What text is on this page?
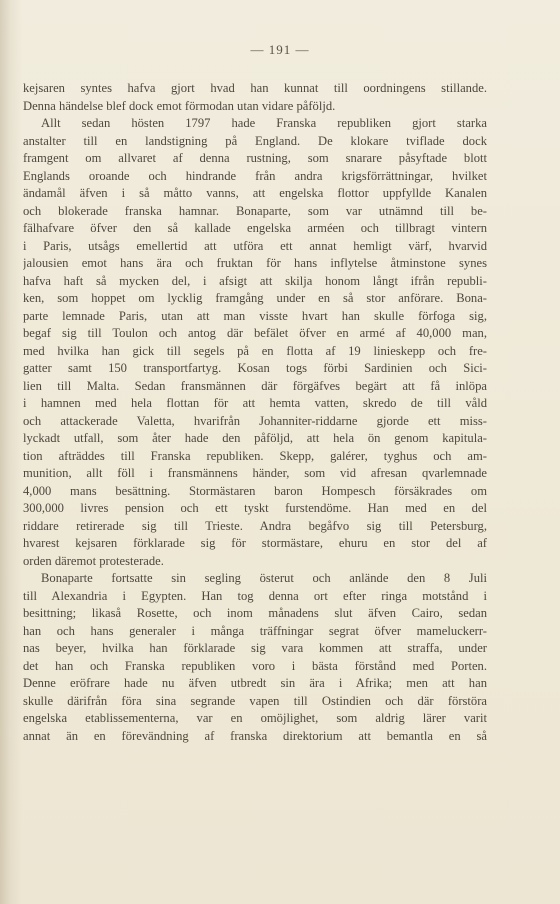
— 191 —
kejsaren syntes hafva gjort hvad han kunnat till oordningens stillande.
Denna händelse blef dock emot förmodan utan vidare påföljd.
Allt sedan hösten 1797 hade Franska republiken gjort starka
anstalter till en landstigning på England. De klokare tviflade dock
framgent om allvaret af denna rustning, som snarare påsyftade blott
Englands oroande och hindrande från andra krigsförrättningar, hvilket
ändamål äfven i så måtto vanns, att engelska flottor uppfyllde Kanalen
och blokerade franska hamnar. Bonaparte, som var utnämnd till be-
fälhafvare öfver den så kallade engelska arméen och tillbragt vintern
i Paris, utsågs emellertid att utföra ett annat hemligt värf, hvarvid
jalousien emot hans ära och fruktan för hans inflytelse åtminstone synes
hafva haft så mycken del, i afsigt att skilja honom långt ifrån republi-
ken, som hoppet om lycklig framgång under en så stor anförare. Bona-
parte lemnade Paris, utan att man visste hvart han skulle förfoga sig,
begaf sig till Toulon och antog där befälet öfver en armé af 40,000 man,
med hvilka han gick till segels på en flotta af 19 linieskepp och fre-
gatter samt 150 transportfartyg. Kosan togs förbi Sardinien och Sici-
lien till Malta. Sedan fransmännen där förgäfves begärt att få inlöpa
i hamnen med hela flottan för att hemta vatten, skredo de till våld
och attackerade Valetta, hvarifrån Johanniter-riddarne gjorde ett miss-
lyckadt utfall, som åter hade den påföljd, att hela ön genom kapitula-
tion afträddes till Franska republiken. Skepp, galérer, tyghus och am-
munition, allt föll i fransmännens händer, som vid afresan qvarlemnade
4,000 mans besättning. Stormästaren baron Hompesch försäkrades om
300,000 livres pension och ett tyskt furstendöme. Han med en del
riddare retirerade sig till Trieste. Andra begåfvo sig till Petersburg,
hvarest kejsaren förklarade sig för stormästare, ehuru en stor del af
orden däremot protesterade.
Bonaparte fortsatte sin segling österut och anlände den 8 Juli
till Alexandria i Egypten. Han tog denna ort efter ringa motstånd i
besittning; likaså Rosette, och inom månadens slut äfven Cairo, sedan
han och hans generaler i många träffningar segrat öfver mameluckerr-
nas beyer, hvilka han förklarade sig vara kommen att straffa, under
det han och Franska republiken voro i bästa förstånd med Porten.
Denne eröfrare hade nu äfven utbredt sin ära i Afrika; men att han
skulle därifrån föra sina segrande vapen till Ostindien och där förstöra
engelska etablissementerna, var en omöjlighet, som aldrig lärer varit
annat än en förevändning af franska direktorium att bemantla en så
